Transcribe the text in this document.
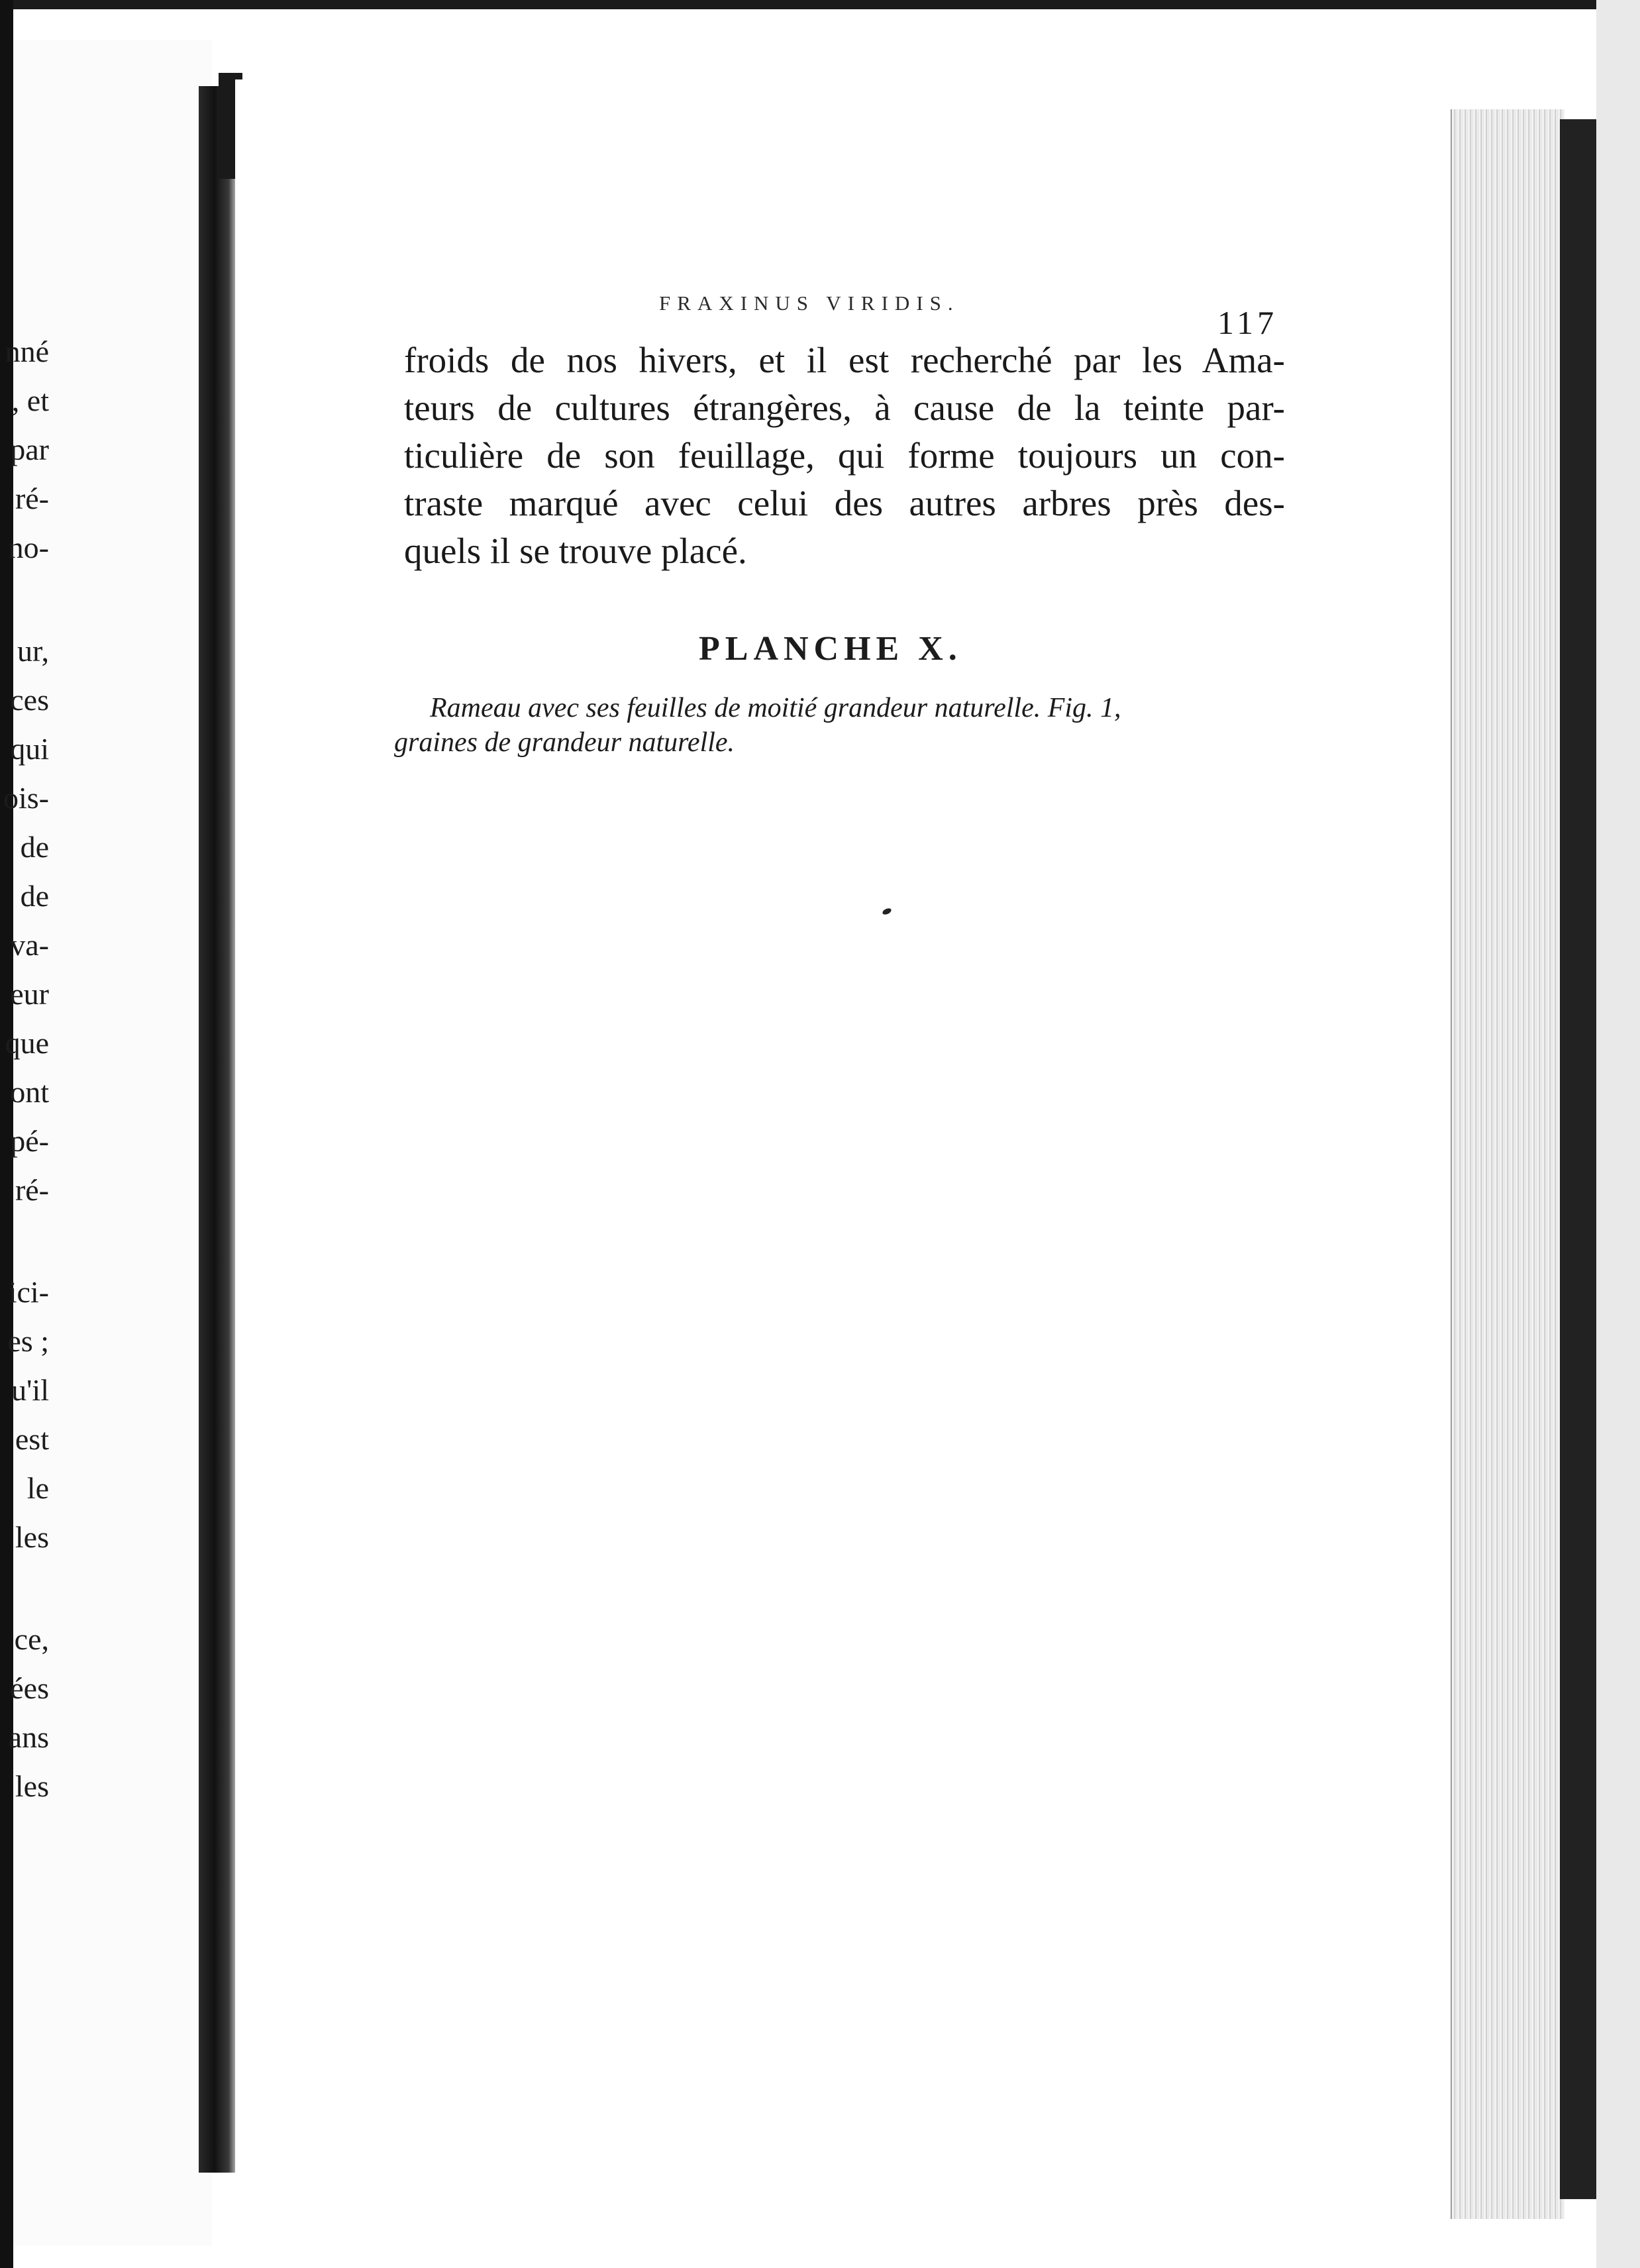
nné
, et
par
ré-
no-
ur,
ces
qui
ois-
de
de
va-
eur
que
ont
pé-
ré-
ici-
es ;
u'il
est
le
les
ce,
ées
ans
les
FRAXINUS VIRIDIS.
117
froids de nos hivers, et il est recherché par les Ama-
teurs de cultures étrangères, à cause de la teinte par-
ticulière de son feuillage, qui forme toujours un con-
traste marqué avec celui des autres arbres près des-
quels il se trouve placé.
PLANCHE X.
Rameau avec ses feuilles de moitié grandeur naturelle. Fig. 1,
graines de grandeur naturelle.
